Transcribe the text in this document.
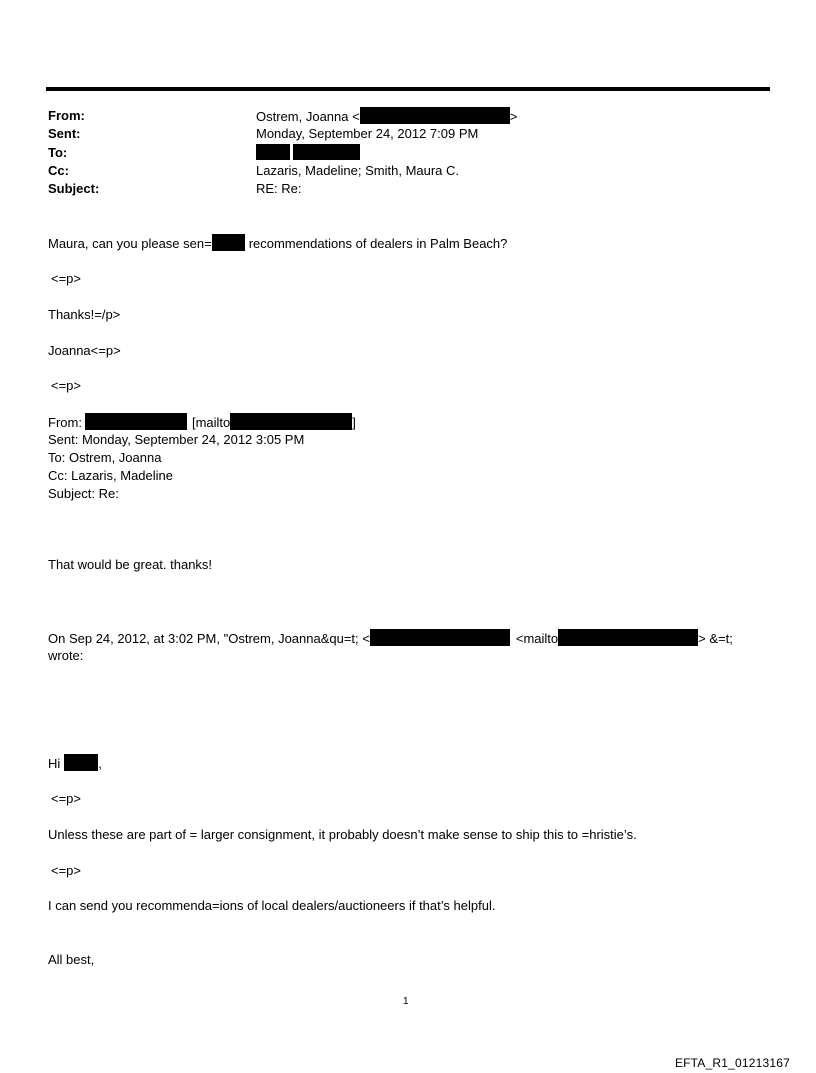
From:	Ostrem, Joanna <	>
Sent:	Monday, September 24, 2012 7:09 PM
To:
Cc:	Lazaris, Madeline; Smith, Maura C.
Subject:	RE: Re:
Maura, can you please sen=	recommendations of dealers in Palm Beach?
<=p>
Thanks!=/p>
Joanna<=p>
<=p>
From:	[mailto	]
Sent: Monday, September 24, 2012 3:05 PM
To: Ostrem, Joanna
Cc: Lazaris, Madeline
Subject: Re:
That would be great. thanks!
On Sep 24, 2012, at 3:02 PM, "Ostrem, Joanna&qu=t; <	<mailto	> &=t;
wrote:
Hi	,
<=p>
Unless these are part of = larger consignment, it probably doesn’t make sense to ship this to =hristie’s.
<=p>
I can send you recommenda=ions of local dealers/auctioneers if that’s helpful.
All best,
1
EFTA_R1_01213167
